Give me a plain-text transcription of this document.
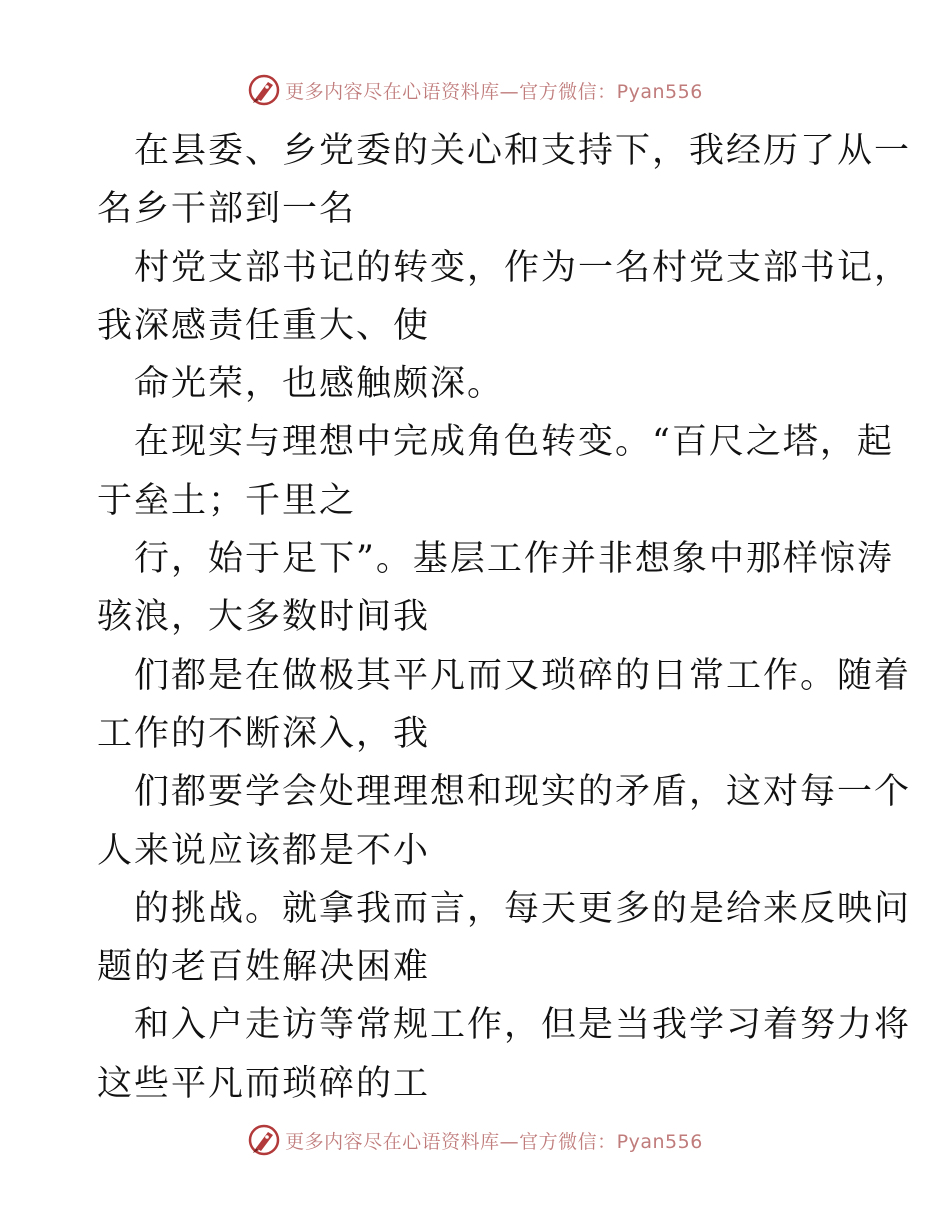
更多内容尽在心语资料库—官方微信：Pyan556
在县委、乡党委的关心和支持下，我经历了从一
名乡干部到一名
村党支部书记的转变，作为一名村党支部书记，
我深感责任重大、使
命光荣，也感触颇深。
在现实与理想中完成角色转变。“百尺之塔，起
于垒土；千里之
行，始于足下”。基层工作并非想象中那样惊涛
骇浪，大多数时间我
们都是在做极其平凡而又琐碎的日常工作。随着
工作的不断深入，我
们都要学会处理理想和现实的矛盾，这对每一个
人来说应该都是不小
的挑战。就拿我而言，每天更多的是给来反映问
题的老百姓解决困难
和入户走访等常规工作，但是当我学习着努力将
这些平凡而琐碎的工
更多内容尽在心语资料库—官方微信：Pyan556
